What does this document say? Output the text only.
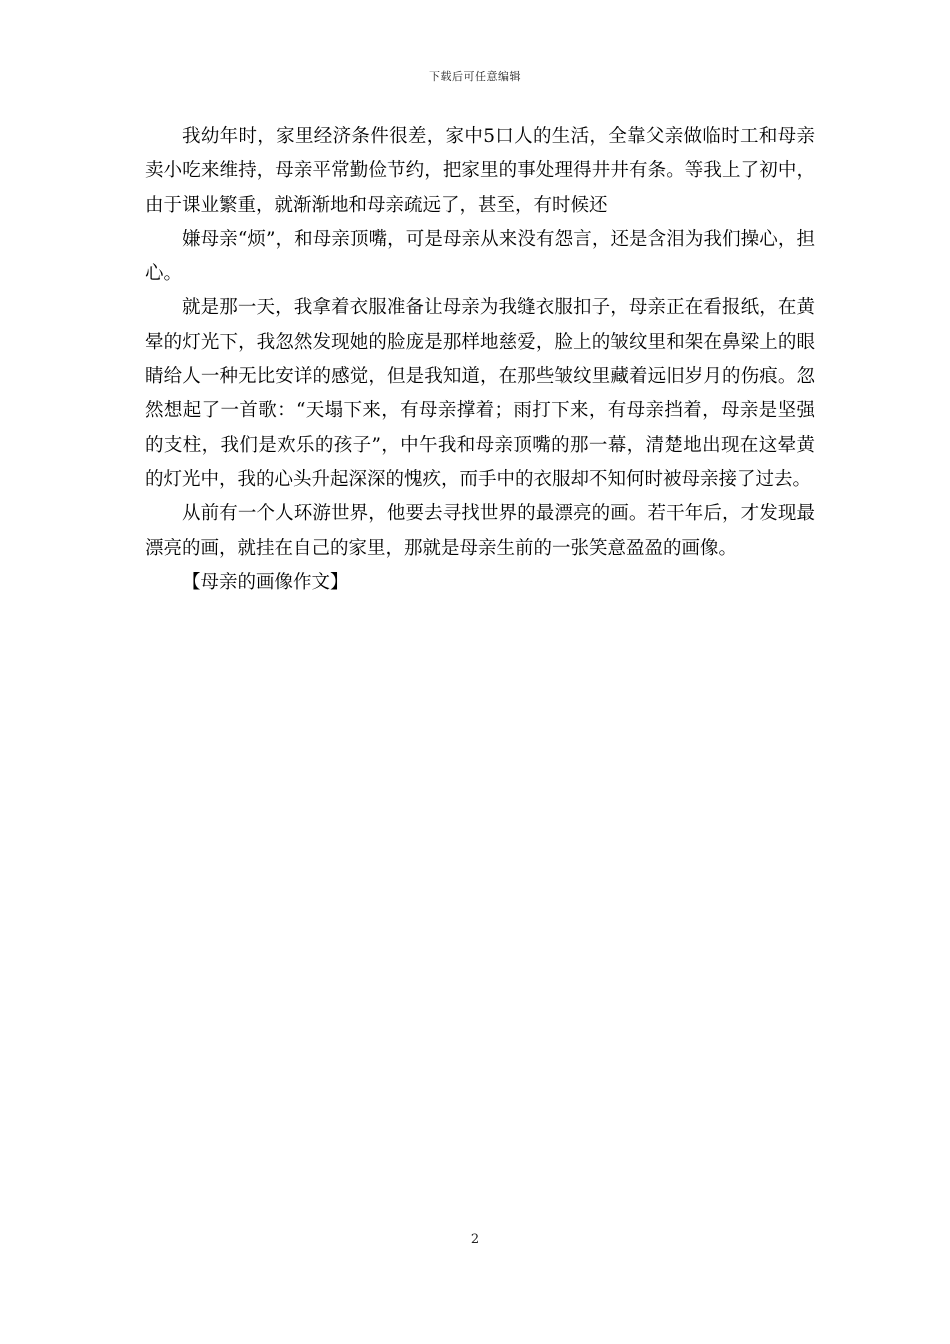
下载后可任意编辑

我幼年时，家里经济条件很差，家中5口人的生活，全靠父亲做临时工和母亲卖小吃来维持，母亲平常勤俭节约，把家里的事处理得井井有条。等我上了初中，由于课业繁重，就渐渐地和母亲疏远了，甚至，有时候还

嫌母亲“烦”，和母亲顶嘴，可是母亲从来没有怨言，还是含泪为我们操心，担心。

就是那一天，我拿着衣服准备让母亲为我缝衣服扣子，母亲正在看报纸，在黄晕的灯光下，我忽然发现她的脸庞是那样地慈爱，脸上的皱纹里和架在鼻梁上的眼睛给人一种无比安详的感觉，但是我知道，在那些皱纹里藏着远旧岁月的伤痕。忽然想起了一首歌：“天塌下来，有母亲撑着；雨打下来，有母亲挡着，母亲是坚强的支柱，我们是欢乐的孩子”，中午我和母亲顶嘴的那一幕，清楚地出现在这晕黄的灯光中，我的心头升起深深的愧疚，而手中的衣服却不知何时被母亲接了过去。

从前有一个人环游世界，他要去寻找世界的最漂亮的画。若干年后，才发现最漂亮的画，就挂在自己的家里，那就是母亲生前的一张笑意盈盈的画像。

【母亲的画像作文】

2
